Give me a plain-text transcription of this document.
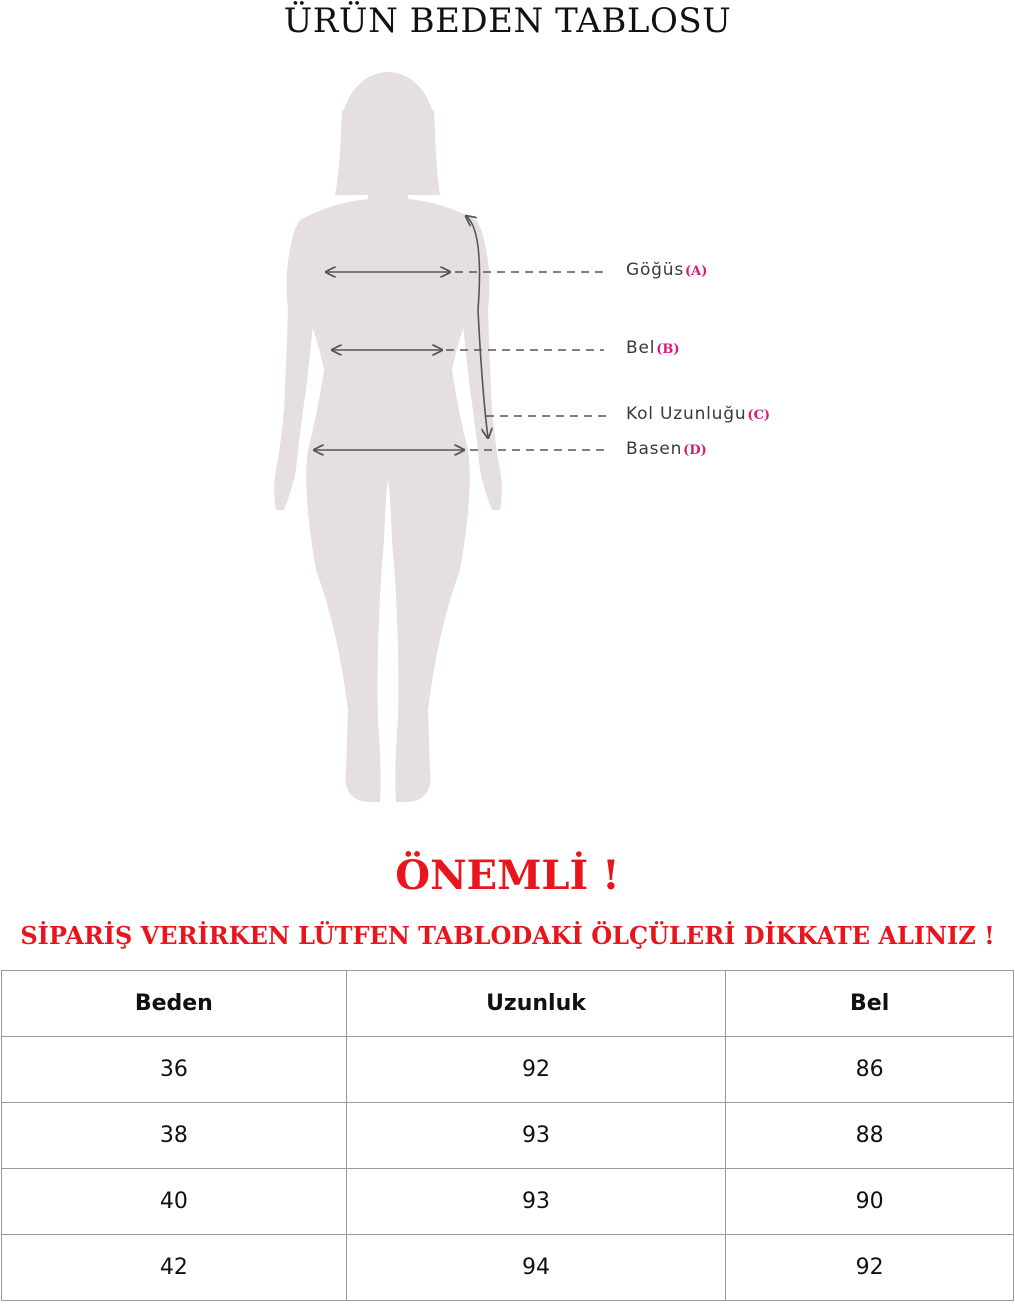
ÜRÜN BEDEN TABLOSU
Göğüs(A)
Bel(B)
Kol Uzunluğu(C)
Basen(D)
ÖNEMLİ !
SİPARİŞ VERİRKEN LÜTFEN TABLODAKİ ÖLÇÜLERİ DİKKATE ALINIZ !
Beden	Uzunluk	Bel
36	92	86
38	93	88
40	93	90
42	94	92
